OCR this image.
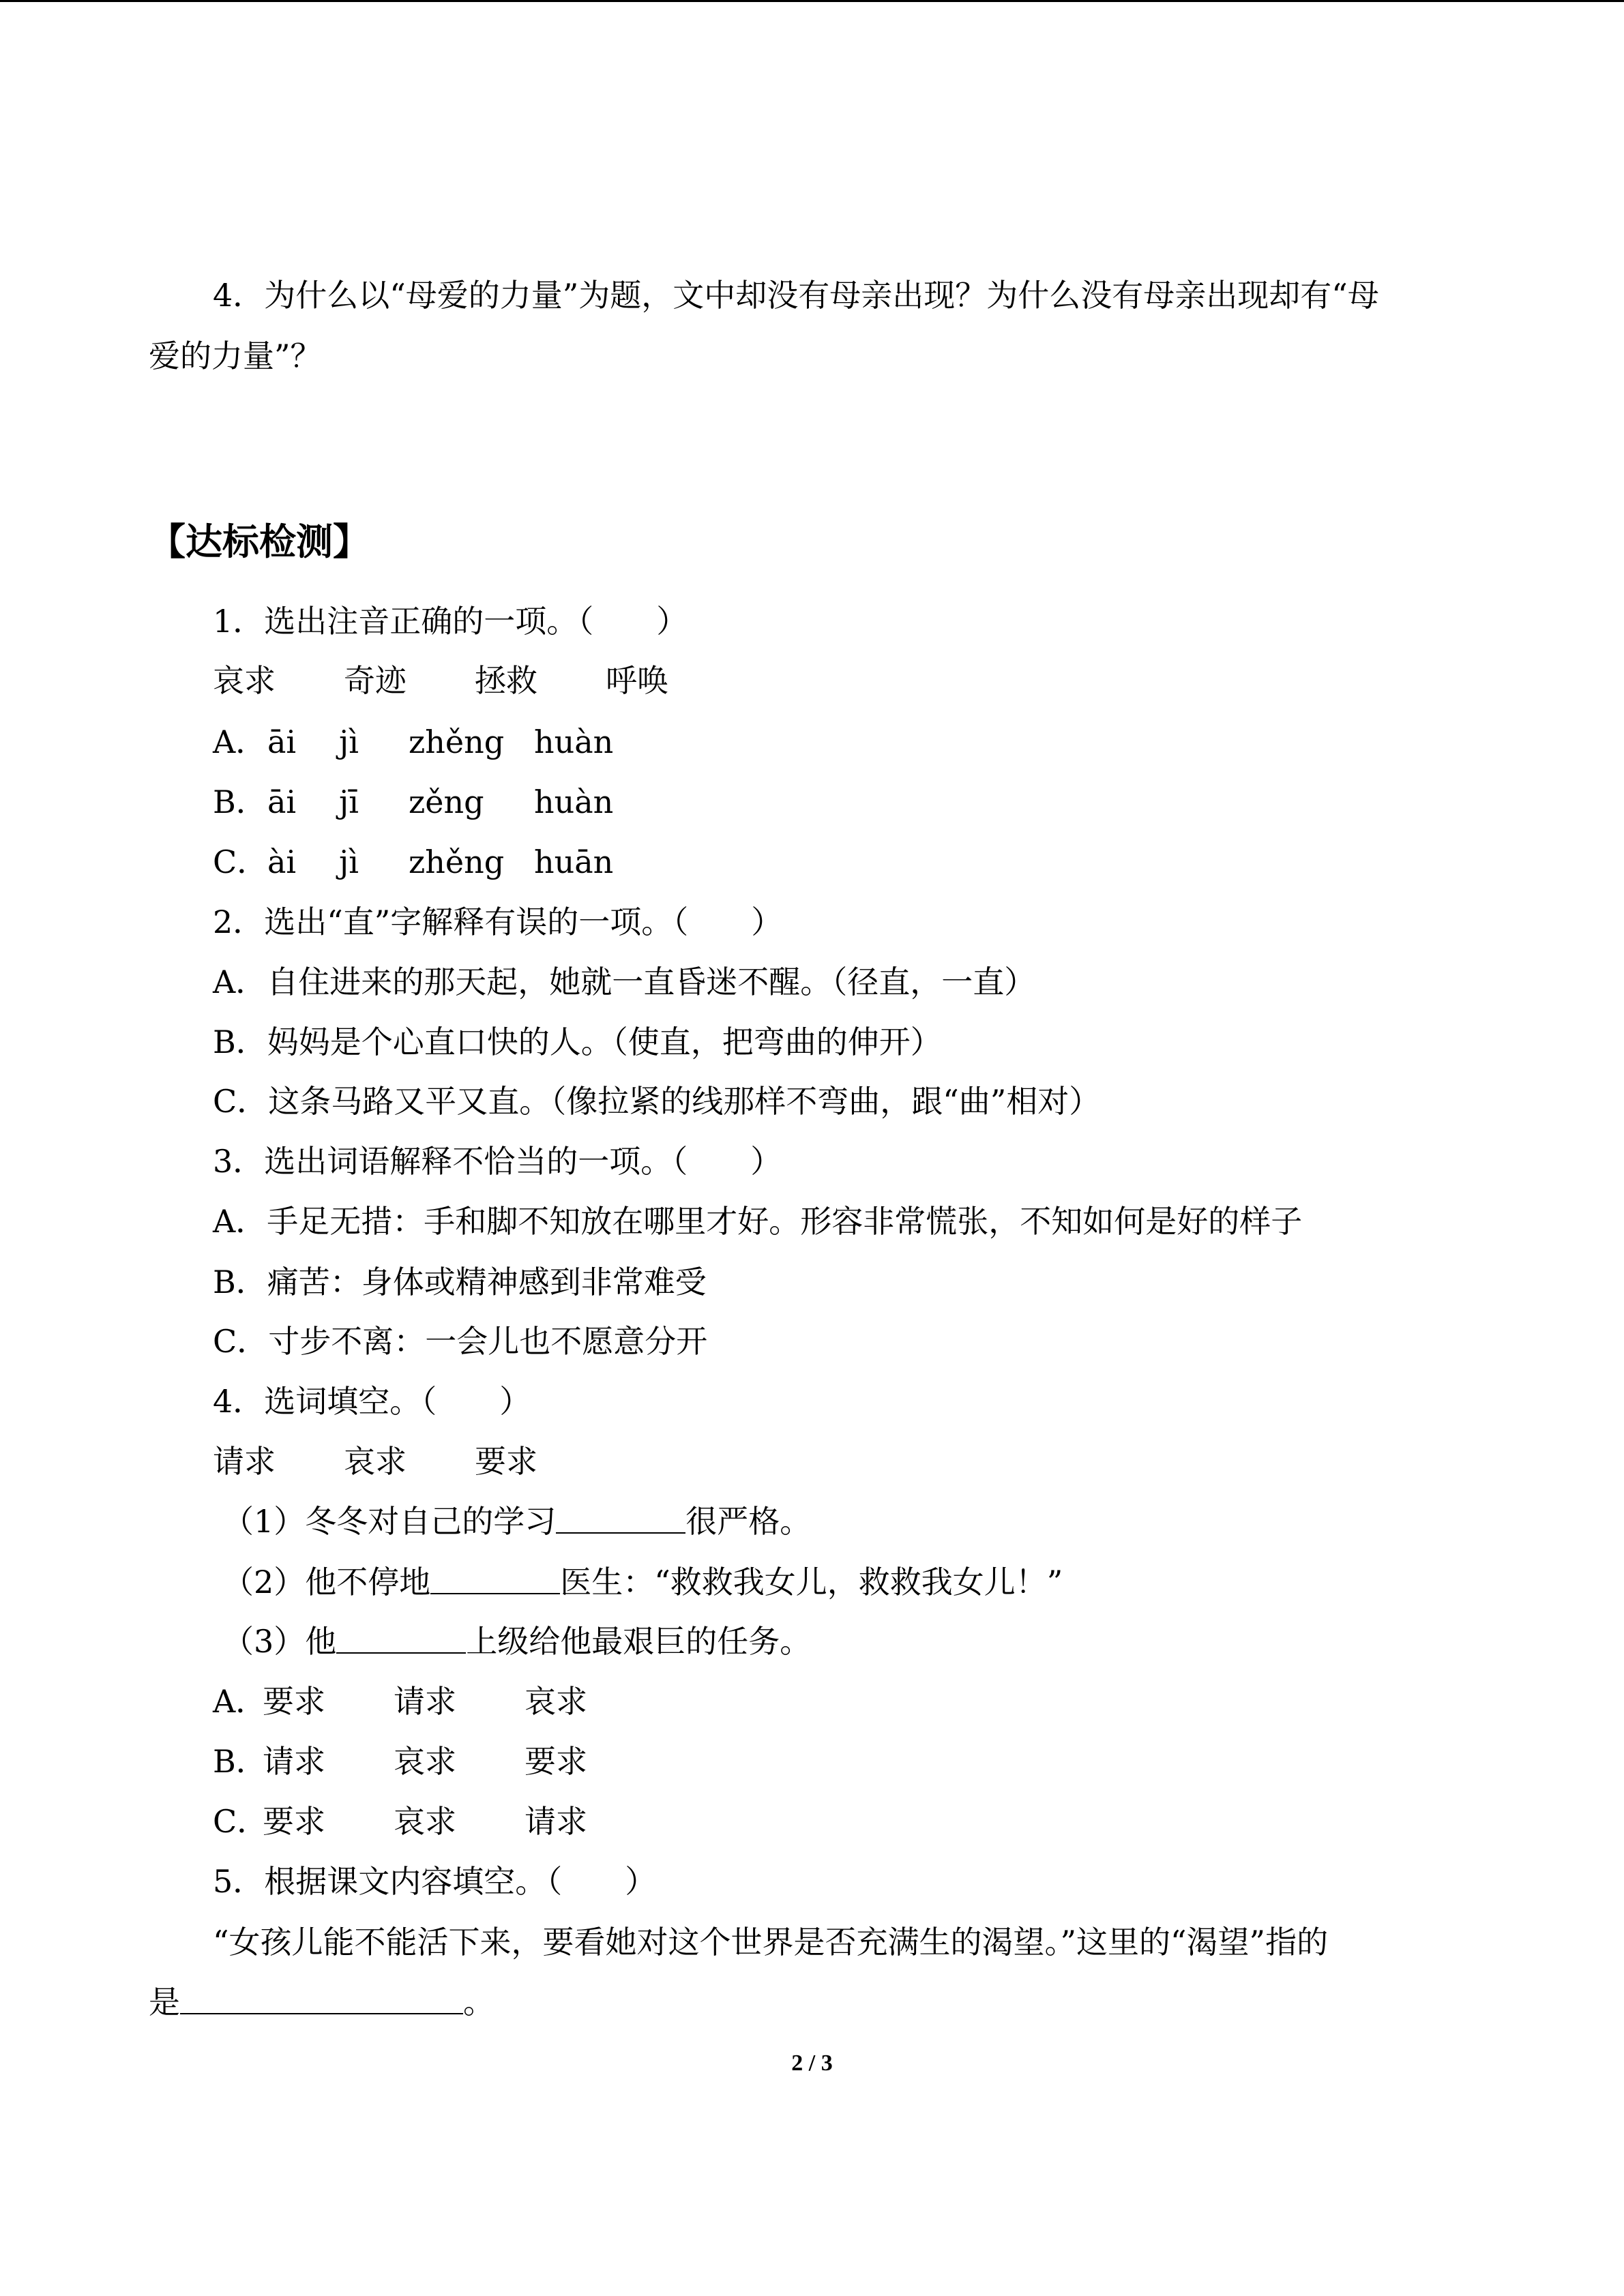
4．为什么以“母爱的力量”为题，文中却没有母亲出现？为什么没有母亲出现却有“母
爱的力量”？
【达标检测】
1．选出注音正确的一项。（　　）
哀求 奇迹 拯救 呼唤
A．āi jì zhěng huàn
B．āi jī zěng huàn
C．ài jì zhěng huān
2．选出“直”字解释有误的一项。（　　）
A．自住进来的那天起，她就一直昏迷不醒。（径直，一直）
B．妈妈是个心直口快的人。（使直，把弯曲的伸开）
C．这条马路又平又直。（像拉紧的线那样不弯曲，跟“曲”相对）
3．选出词语解释不恰当的一项。（　　）
A．手足无措：手和脚不知放在哪里才好。形容非常慌张，不知如何是好的样子
B．痛苦：身体或精神感到非常难受
C．寸步不离：一会儿也不愿意分开
4．选词填空。（　　）
请求 哀求 要求
（1）冬冬对自己的学习	很严格。
（2）他不停地	医生：“救救我女儿，救救我女儿！”
（3）他	上级给他最艰巨的任务。
A．要求 请求 哀求
B．请求 哀求 要求
C．要求 哀求 请求
5．根据课文内容填空。（　　）
“女孩儿能不能活下来，要看她对这个世界是否充满生的渴望。”这里的“渴望”指的
是	。
2 / 3
